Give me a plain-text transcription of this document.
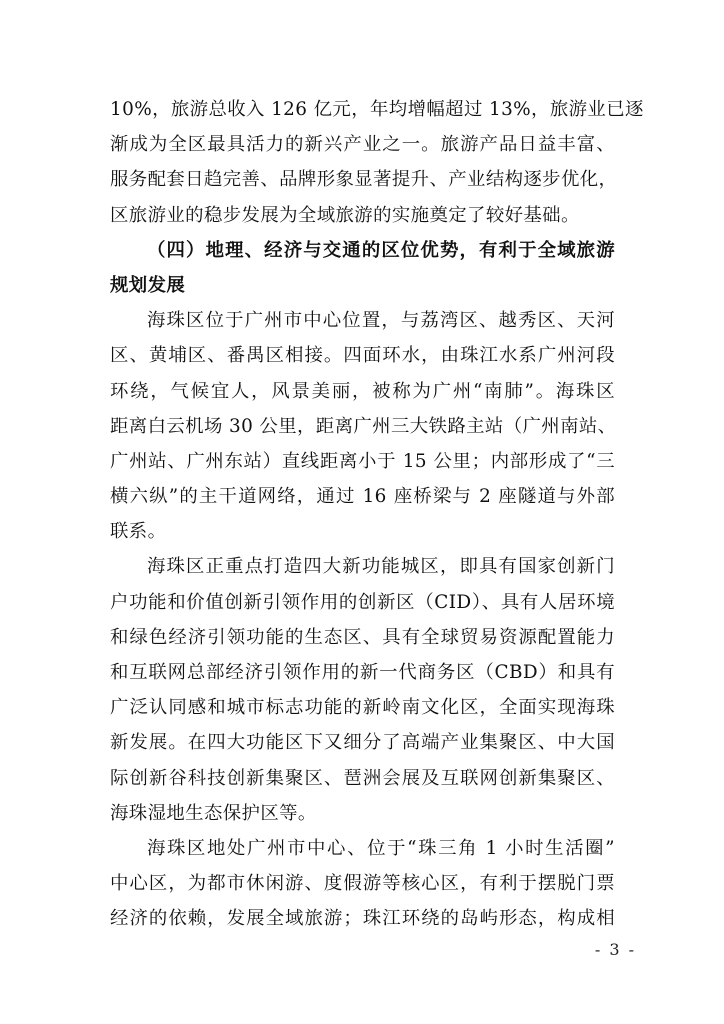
10%，旅游总收入 126 亿元，年均增幅超过 13%，旅游业已逐
渐成为全区最具活力的新兴产业之一。旅游产品日益丰富、
服务配套日趋完善、品牌形象显著提升、产业结构逐步优化，
区旅游业的稳步发展为全域旅游的实施奠定了较好基础。
（四）地理、经济与交通的区位优势，有利于全域旅游
规划发展
海珠区位于广州市中心位置，与荔湾区、越秀区、天河
区、黄埔区、番禺区相接。四面环水，由珠江水系广州河段
环绕，气候宜人，风景美丽，被称为广州“南肺”。海珠区
距离白云机场 30 公里，距离广州三大铁路主站（广州南站、
广州站、广州东站）直线距离小于 15 公里；内部形成了“三
横六纵”的主干道网络，通过 16 座桥梁与 2 座隧道与外部
联系。
海珠区正重点打造四大新功能城区，即具有国家创新门
户功能和价值创新引领作用的创新区（CID）、具有人居环境
和绿色经济引领功能的生态区、具有全球贸易资源配置能力
和互联网总部经济引领作用的新一代商务区（CBD）和具有
广泛认同感和城市标志功能的新岭南文化区，全面实现海珠
新发展。在四大功能区下又细分了高端产业集聚区、中大国
际创新谷科技创新集聚区、琶洲会展及互联网创新集聚区、
海珠湿地生态保护区等。
海珠区地处广州市中心、位于“珠三角 1 小时生活圈”
中心区，为都市休闲游、度假游等核心区，有利于摆脱门票
经济的依赖，发展全域旅游；珠江环绕的岛屿形态，构成相
- 3 -
